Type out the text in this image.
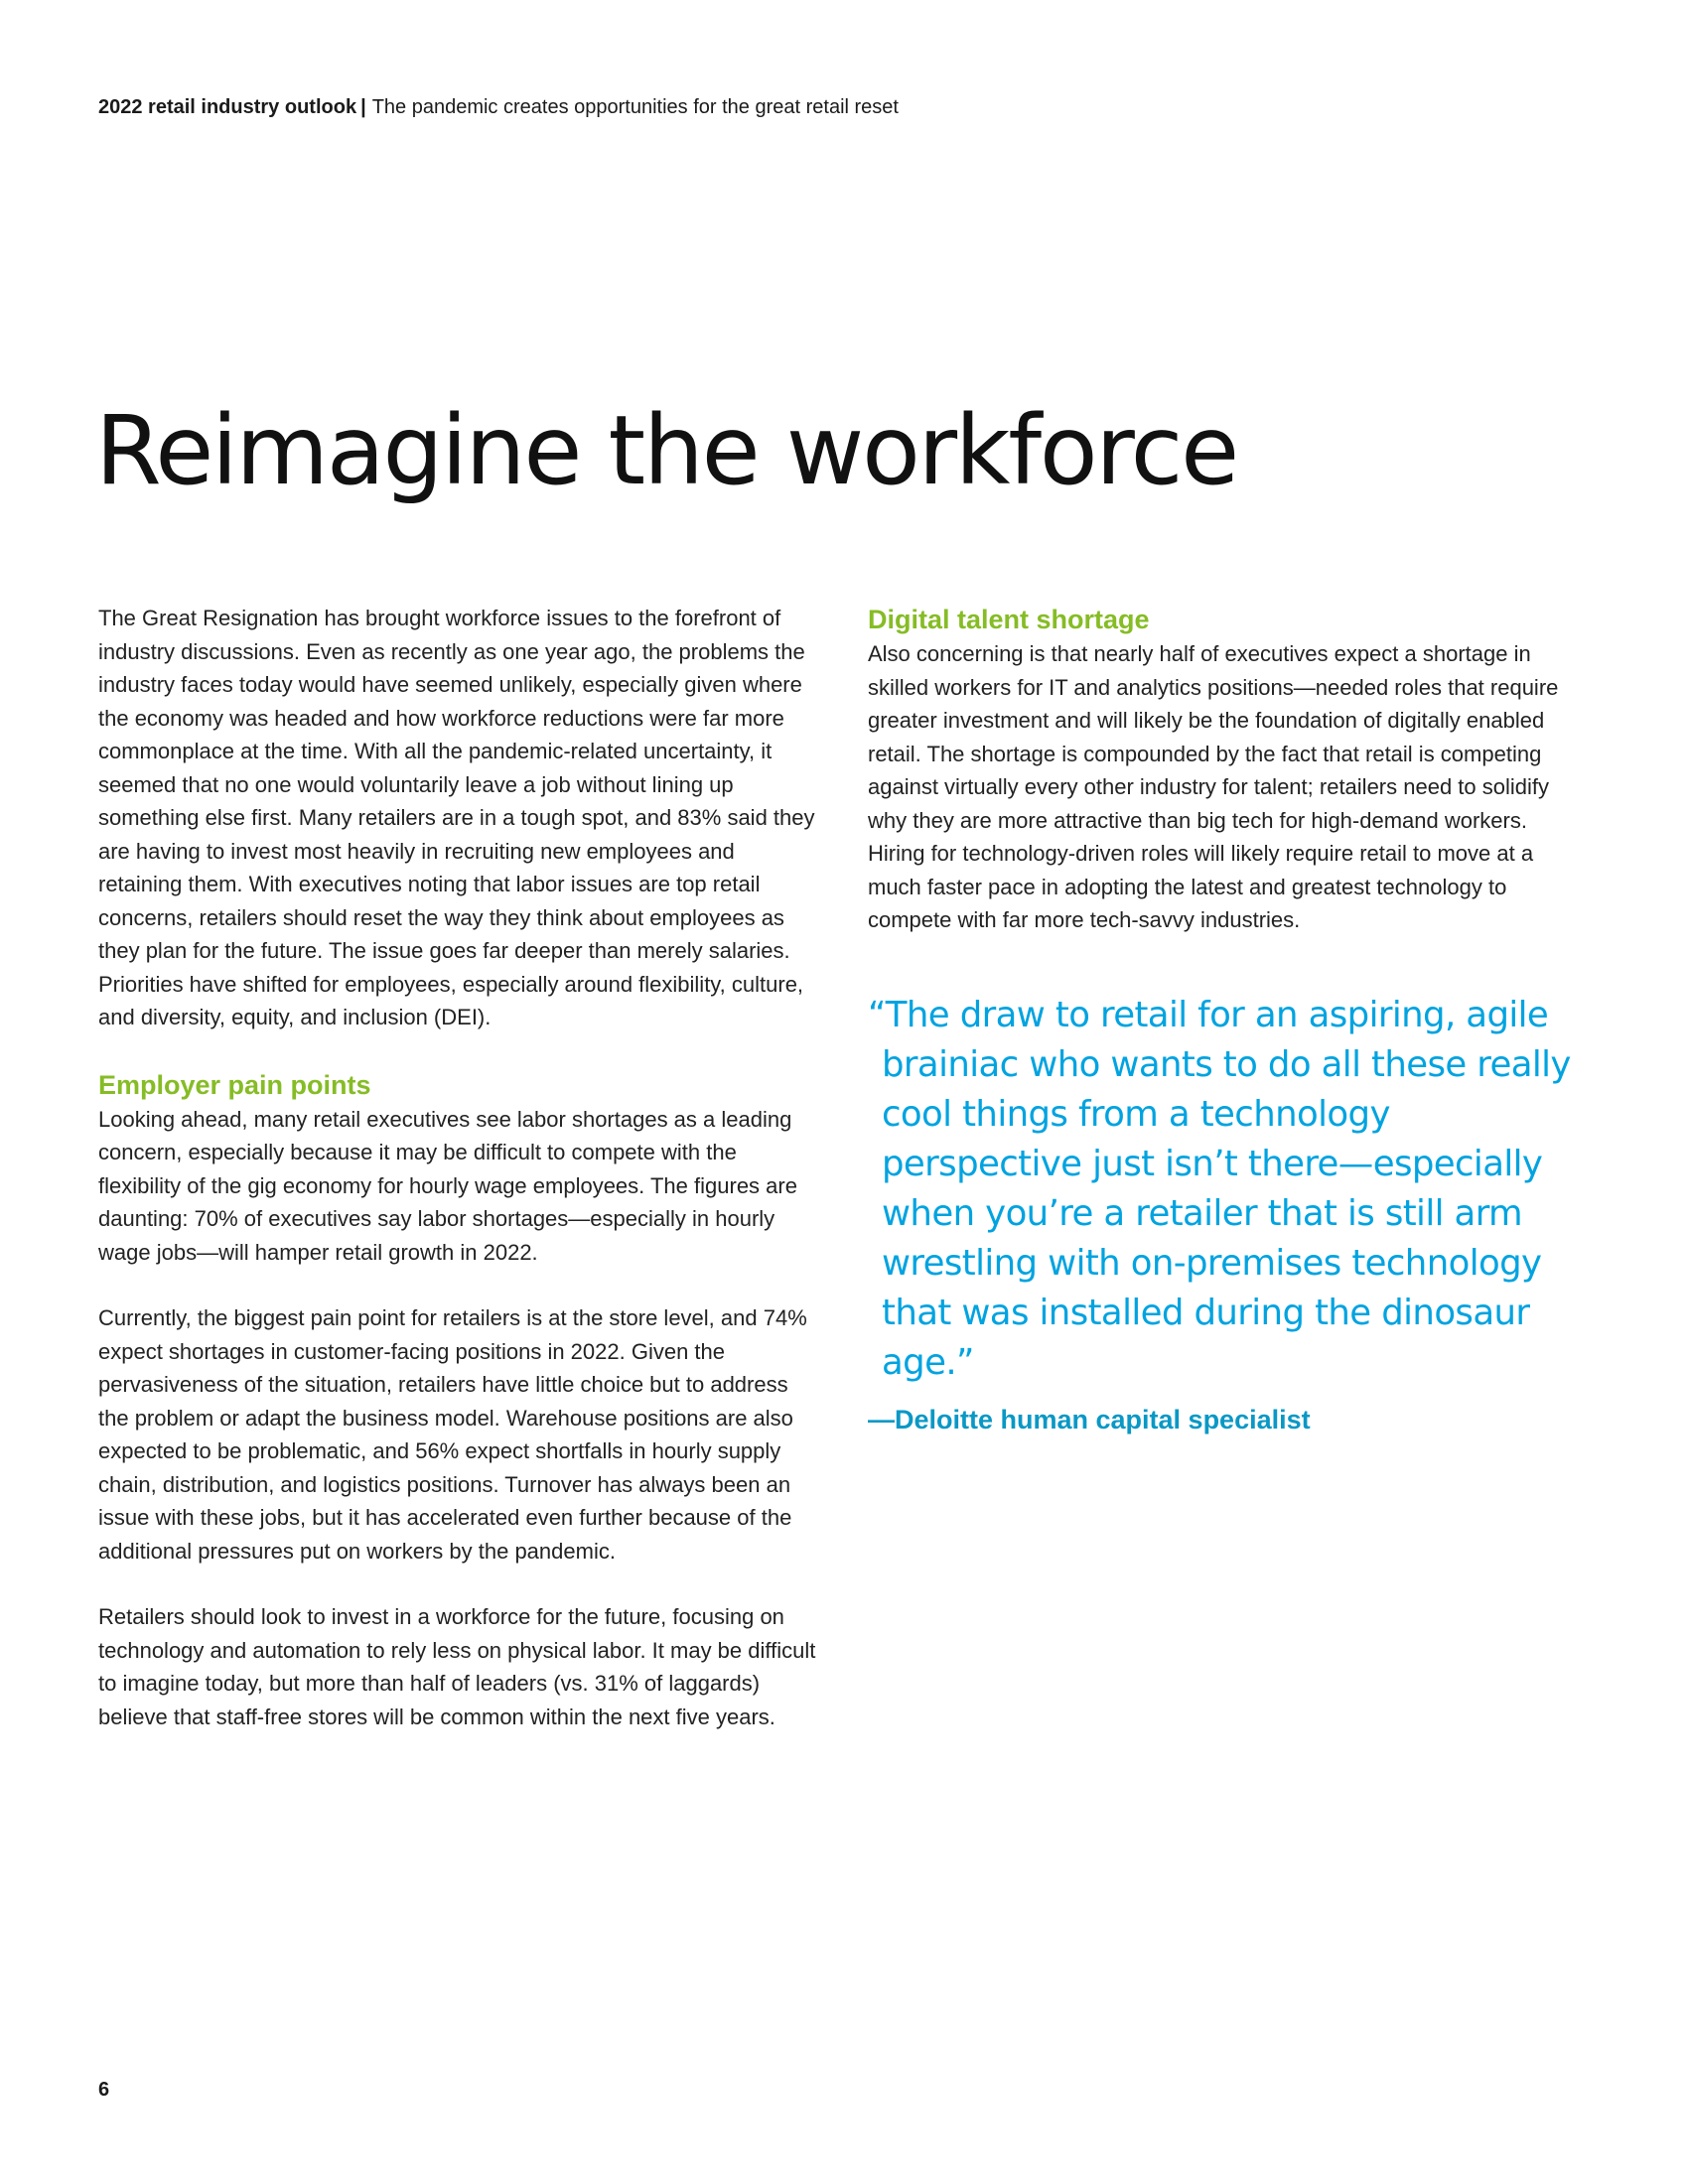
2022 retail industry outlook | The pandemic creates opportunities for the great retail reset
Reimagine the workforce

The Great Resignation has brought workforce issues to the forefront of industry discussions. Even as recently as one year ago, the problems the industry faces today would have seemed unlikely, especially given where the economy was headed and how workforce reductions were far more commonplace at the time. With all the pandemic-related uncertainty, it seemed that no one would voluntarily leave a job without lining up something else first. Many retailers are in a tough spot, and 83% said they are having to invest most heavily in recruiting new employees and retaining them. With executives noting that labor issues are top retail concerns, retailers should reset the way they think about employees as they plan for the future. The issue goes far deeper than merely salaries. Priorities have shifted for employees, especially around flexibility, culture, and diversity, equity, and inclusion (DEI).

Employer pain points

Looking ahead, many retail executives see labor shortages as a leading concern, especially because it may be difficult to compete with the flexibility of the gig economy for hourly wage employees. The figures are daunting: 70% of executives say labor shortages—especially in hourly wage jobs—will hamper retail growth in 2022.

Currently, the biggest pain point for retailers is at the store level, and 74% expect shortages in customer-facing positions in 2022. Given the pervasiveness of the situation, retailers have little choice but to address the problem or adapt the business model. Warehouse positions are also expected to be problematic, and 56% expect shortfalls in hourly supply chain, distribution, and logistics positions. Turnover has always been an issue with these jobs, but it has accelerated even further because of the additional pressures put on workers by the pandemic.

Retailers should look to invest in a workforce for the future, focusing on technology and automation to rely less on physical labor. It may be difficult to imagine today, but more than half of leaders (vs. 31% of laggards) believe that staff-free stores will be common within the next five years.

Digital talent shortage

Also concerning is that nearly half of executives expect a shortage in skilled workers for IT and analytics positions—needed roles that require greater investment and will likely be the foundation of digitally enabled retail. The shortage is compounded by the fact that retail is competing against virtually every other industry for talent; retailers need to solidify why they are more attractive than big tech for high-demand workers. Hiring for technology-driven roles will likely require retail to move at a much faster pace in adopting the latest and greatest technology to compete with far more tech-savvy industries.

“The draw to retail for an aspiring, agile brainiac who wants to do all these really cool things from a technology perspective just isn’t there—especially when you’re a retailer that is still arm wrestling with on-premises technology that was installed during the dinosaur age.”

—Deloitte human capital specialist

6
